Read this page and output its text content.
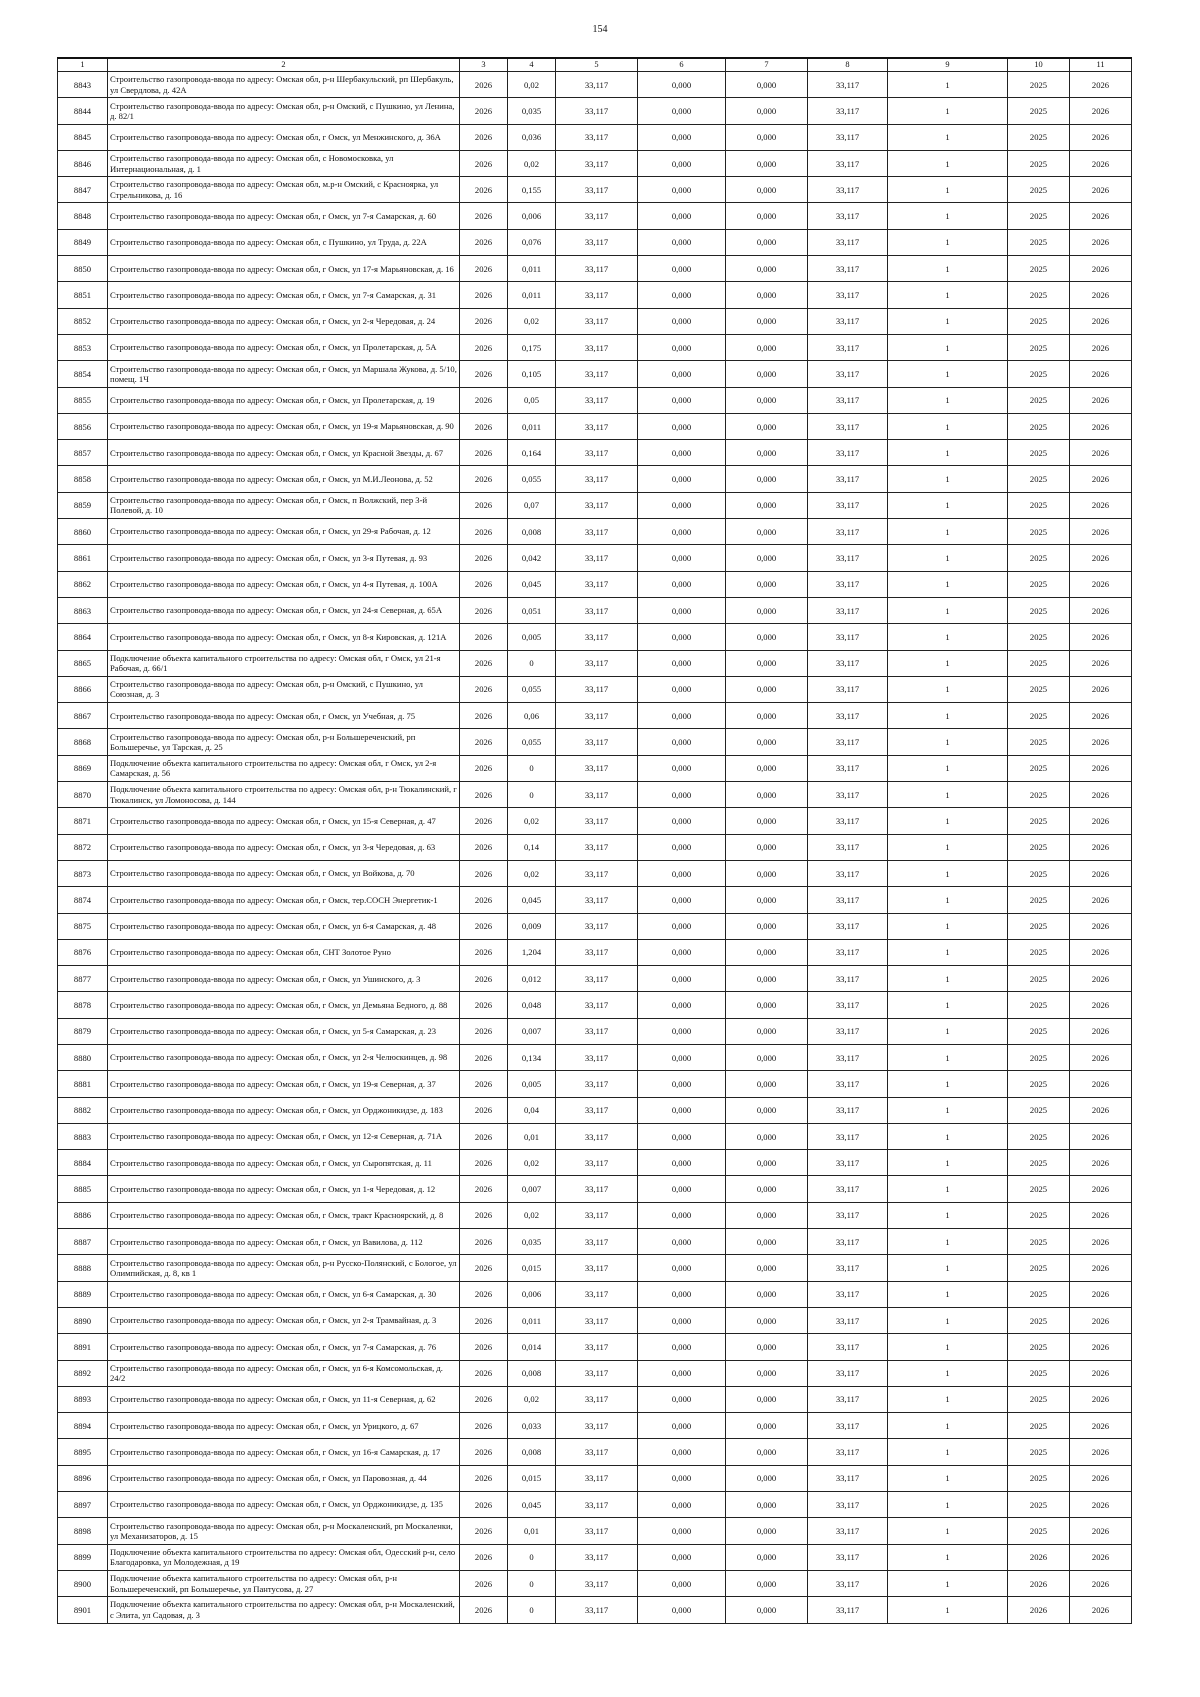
154
1	2	3	4	5	6	7	8	9	10	11
8843	Строительство газопровода-ввода по адресу: Омская обл, р-н Шербакульский, рп Шербакуль, ул Свердлова, д. 42А	2026	0,02	33,117	0,000	0,000	33,117	1	2025	2026
8844	Строительство газопровода-ввода по адресу: Омская обл, р-н Омский, с Пушкино, ул Ленина, д. 82/1	2026	0,035	33,117	0,000	0,000	33,117	1	2025	2026
8845	Строительство газопровода-ввода по адресу: Омская обл, г Омск, ул Менжинского, д. 36А	2026	0,036	33,117	0,000	0,000	33,117	1	2025	2026
8846	Строительство газопровода-ввода по адресу: Омская обл, с Новомосковка, ул Интернациональная, д. 1	2026	0,02	33,117	0,000	0,000	33,117	1	2025	2026
8847	Строительство газопровода-ввода по адресу: Омская обл, м.р-н Омский, с Красноярка, ул Стрельникова, д. 16	2026	0,155	33,117	0,000	0,000	33,117	1	2025	2026
8848	Строительство газопровода-ввода по адресу: Омская обл, г Омск, ул 7-я Самарская, д. 60	2026	0,006	33,117	0,000	0,000	33,117	1	2025	2026
8849	Строительство газопровода-ввода по адресу: Омская обл, с Пушкино, ул Труда, д. 22А	2026	0,076	33,117	0,000	0,000	33,117	1	2025	2026
8850	Строительство газопровода-ввода по адресу: Омская обл, г Омск, ул 17-я Марьяновская, д. 16	2026	0,011	33,117	0,000	0,000	33,117	1	2025	2026
8851	Строительство газопровода-ввода по адресу: Омская обл, г Омск, ул 7-я Самарская, д. 31	2026	0,011	33,117	0,000	0,000	33,117	1	2025	2026
8852	Строительство газопровода-ввода по адресу: Омская обл, г Омск, ул 2-я Чередовая, д. 24	2026	0,02	33,117	0,000	0,000	33,117	1	2025	2026
8853	Строительство газопровода-ввода по адресу: Омская обл, г Омск, ул Пролетарская, д. 5А	2026	0,175	33,117	0,000	0,000	33,117	1	2025	2026
8854	Строительство газопровода-ввода по адресу: Омская обл, г Омск, ул Маршала Жукова, д. 5/10, помещ. 1Ч	2026	0,105	33,117	0,000	0,000	33,117	1	2025	2026
8855	Строительство газопровода-ввода по адресу: Омская обл, г Омск, ул Пролетарская, д. 19	2026	0,05	33,117	0,000	0,000	33,117	1	2025	2026
8856	Строительство газопровода-ввода по адресу: Омская обл, г Омск, ул 19-я Марьяновская, д. 90	2026	0,011	33,117	0,000	0,000	33,117	1	2025	2026
8857	Строительство газопровода-ввода по адресу: Омская обл, г Омск, ул Красной Звезды, д. 67	2026	0,164	33,117	0,000	0,000	33,117	1	2025	2026
8858	Строительство газопровода-ввода по адресу: Омская обл, г Омск, ул М.И.Леонова, д. 52	2026	0,055	33,117	0,000	0,000	33,117	1	2025	2026
8859	Строительство газопровода-ввода по адресу: Омская обл, г Омск, п Волжский, пер 3-й Полевой, д. 10	2026	0,07	33,117	0,000	0,000	33,117	1	2025	2026
8860	Строительство газопровода-ввода по адресу: Омская обл, г Омск, ул 29-я Рабочая, д. 12	2026	0,008	33,117	0,000	0,000	33,117	1	2025	2026
8861	Строительство газопровода-ввода по адресу: Омская обл, г Омск, ул 3-я Путевая, д. 93	2026	0,042	33,117	0,000	0,000	33,117	1	2025	2026
8862	Строительство газопровода-ввода по адресу: Омская обл, г Омск, ул 4-я Путевая, д. 100А	2026	0,045	33,117	0,000	0,000	33,117	1	2025	2026
8863	Строительство газопровода-ввода по адресу: Омская обл, г Омск, ул 24-я Северная, д. 65А	2026	0,051	33,117	0,000	0,000	33,117	1	2025	2026
8864	Строительство газопровода-ввода по адресу: Омская обл, г Омск, ул 8-я Кировская, д. 121А	2026	0,005	33,117	0,000	0,000	33,117	1	2025	2026
8865	Подключение объекта капитального строительства по адресу: Омская обл, г Омск, ул 21-я Рабочая, д. 66/1	2026	0	33,117	0,000	0,000	33,117	1	2025	2026
8866	Строительство газопровода-ввода по адресу: Омская обл, р-н Омский, с Пушкино, ул Союзная, д. 3	2026	0,055	33,117	0,000	0,000	33,117	1	2025	2026
8867	Строительство газопровода-ввода по адресу: Омская обл, г Омск, ул Учебная, д. 75	2026	0,06	33,117	0,000	0,000	33,117	1	2025	2026
8868	Строительство газопровода-ввода по адресу: Омская обл, р-н Большереченский, рп Большеречье, ул Тарская, д. 25	2026	0,055	33,117	0,000	0,000	33,117	1	2025	2026
8869	Подключение объекта капитального строительства по адресу: Омская обл, г Омск, ул 2-я Самарская, д. 56	2026	0	33,117	0,000	0,000	33,117	1	2025	2026
8870	Подключение объекта капитального строительства по адресу: Омская обл, р-н Тюкалинский, г Тюкалинск, ул Ломоносова, д. 144	2026	0	33,117	0,000	0,000	33,117	1	2025	2026
8871	Строительство газопровода-ввода по адресу: Омская обл, г Омск, ул 15-я Северная, д. 47	2026	0,02	33,117	0,000	0,000	33,117	1	2025	2026
8872	Строительство газопровода-ввода по адресу: Омская обл, г Омск, ул 3-я Чередовая, д. 63	2026	0,14	33,117	0,000	0,000	33,117	1	2025	2026
8873	Строительство газопровода-ввода по адресу: Омская обл, г Омск, ул Войкова, д. 70	2026	0,02	33,117	0,000	0,000	33,117	1	2025	2026
8874	Строительство газопровода-ввода по адресу: Омская обл, г Омск, тер.СОСН Энергетик-1	2026	0,045	33,117	0,000	0,000	33,117	1	2025	2026
8875	Строительство газопровода-ввода по адресу: Омская обл, г Омск, ул 6-я Самарская, д. 48	2026	0,009	33,117	0,000	0,000	33,117	1	2025	2026
8876	Строительство газопровода-ввода по адресу: Омская обл, СНТ Золотое Руно	2026	1,204	33,117	0,000	0,000	33,117	1	2025	2026
8877	Строительство газопровода-ввода по адресу: Омская обл, г Омск, ул Ушинского, д. 3	2026	0,012	33,117	0,000	0,000	33,117	1	2025	2026
8878	Строительство газопровода-ввода по адресу: Омская обл, г Омск, ул Демьяна Бедного, д. 88	2026	0,048	33,117	0,000	0,000	33,117	1	2025	2026
8879	Строительство газопровода-ввода по адресу: Омская обл, г Омск, ул 5-я Самарская, д. 23	2026	0,007	33,117	0,000	0,000	33,117	1	2025	2026
8880	Строительство газопровода-ввода по адресу: Омская обл, г Омск, ул 2-я Челюскинцев, д. 98	2026	0,134	33,117	0,000	0,000	33,117	1	2025	2026
8881	Строительство газопровода-ввода по адресу: Омская обл, г Омск, ул 19-я Северная, д. 37	2026	0,005	33,117	0,000	0,000	33,117	1	2025	2026
8882	Строительство газопровода-ввода по адресу: Омская обл, г Омск, ул Орджоникидзе, д. 183	2026	0,04	33,117	0,000	0,000	33,117	1	2025	2026
8883	Строительство газопровода-ввода по адресу: Омская обл, г Омск, ул 12-я Северная, д. 71А	2026	0,01	33,117	0,000	0,000	33,117	1	2025	2026
8884	Строительство газопровода-ввода по адресу: Омская обл, г Омск, ул Сыропятская, д. 11	2026	0,02	33,117	0,000	0,000	33,117	1	2025	2026
8885	Строительство газопровода-ввода по адресу: Омская обл, г Омск, ул 1-я Чередовая, д. 12	2026	0,007	33,117	0,000	0,000	33,117	1	2025	2026
8886	Строительство газопровода-ввода по адресу: Омская обл, г Омск, тракт Красноярский, д. 8	2026	0,02	33,117	0,000	0,000	33,117	1	2025	2026
8887	Строительство газопровода-ввода по адресу: Омская обл, г Омск, ул Вавилова, д. 112	2026	0,035	33,117	0,000	0,000	33,117	1	2025	2026
8888	Строительство газопровода-ввода по адресу: Омская обл, р-н Русско-Полянский, с Бологое, ул Олимпийская, д. 8, кв 1	2026	0,015	33,117	0,000	0,000	33,117	1	2025	2026
8889	Строительство газопровода-ввода по адресу: Омская обл, г Омск, ул 6-я Самарская, д. 30	2026	0,006	33,117	0,000	0,000	33,117	1	2025	2026
8890	Строительство газопровода-ввода по адресу: Омская обл, г Омск, ул 2-я Трамвайная, д. 3	2026	0,011	33,117	0,000	0,000	33,117	1	2025	2026
8891	Строительство газопровода-ввода по адресу: Омская обл, г Омск, ул 7-я Самарская, д. 76	2026	0,014	33,117	0,000	0,000	33,117	1	2025	2026
8892	Строительство газопровода-ввода по адресу: Омская обл, г Омск, ул 6-я Комсомольская, д. 24/2	2026	0,008	33,117	0,000	0,000	33,117	1	2025	2026
8893	Строительство газопровода-ввода по адресу: Омская обл, г Омск, ул 11-я Северная, д. 62	2026	0,02	33,117	0,000	0,000	33,117	1	2025	2026
8894	Строительство газопровода-ввода по адресу: Омская обл, г Омск, ул Урицкого, д. 67	2026	0,033	33,117	0,000	0,000	33,117	1	2025	2026
8895	Строительство газопровода-ввода по адресу: Омская обл, г Омск, ул 16-я Самарская, д. 17	2026	0,008	33,117	0,000	0,000	33,117	1	2025	2026
8896	Строительство газопровода-ввода по адресу: Омская обл, г Омск, ул Паровозная, д. 44	2026	0,015	33,117	0,000	0,000	33,117	1	2025	2026
8897	Строительство газопровода-ввода по адресу: Омская обл, г Омск, ул Орджоникидзе, д. 135	2026	0,045	33,117	0,000	0,000	33,117	1	2025	2026
8898	Строительство газопровода-ввода по адресу: Омская обл, р-н Москаленский, рп Москаленки, ул Механизаторов, д. 15	2026	0,01	33,117	0,000	0,000	33,117	1	2025	2026
8899	Подключение объекта капитального строительства по адресу: Омская обл, Одесский р-н, село Благодаровка, ул Молодежная, д 19	2026	0	33,117	0,000	0,000	33,117	1	2026	2026
8900	Подключение объекта капитального строительства по адресу: Омская обл, р-н Большереченский, рп Большеречье, ул Пантусова, д. 27	2026	0	33,117	0,000	0,000	33,117	1	2026	2026
8901	Подключение объекта капитального строительства по адресу: Омская обл, р-н Москаленский, с Элита, ул Садовая, д. 3	2026	0	33,117	0,000	0,000	33,117	1	2026	2026
